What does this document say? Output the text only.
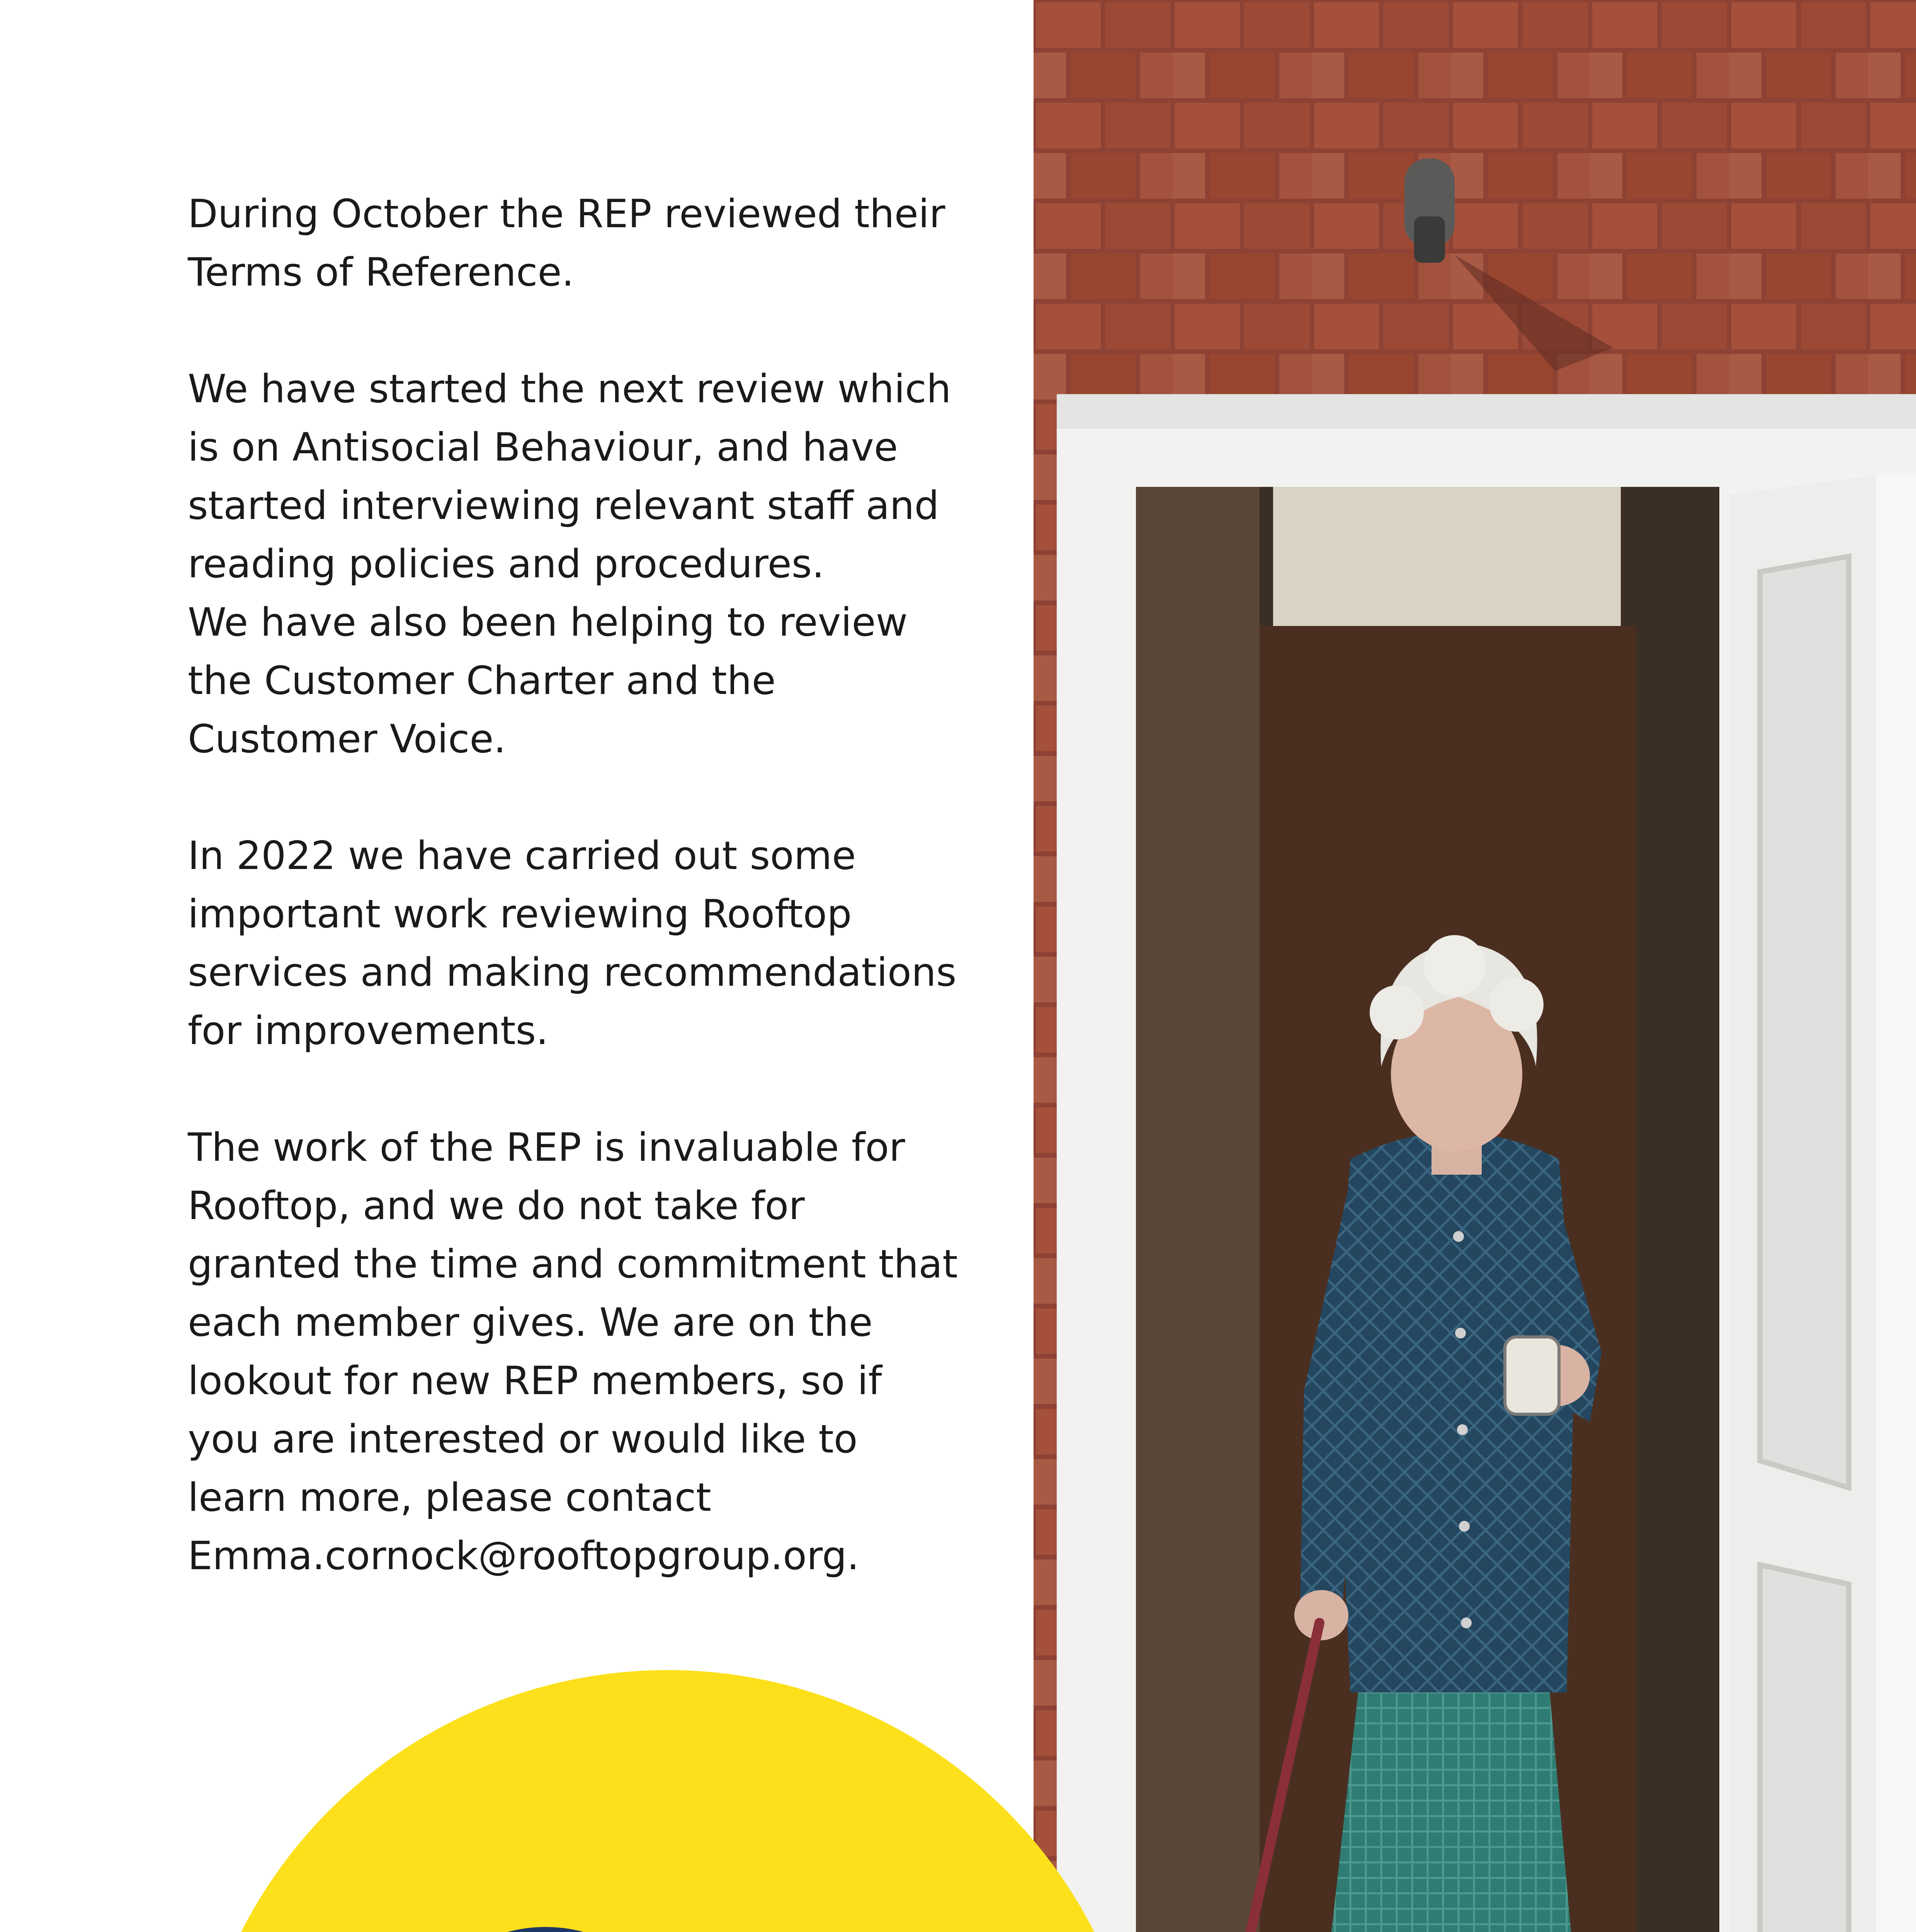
During October the REP reviewed their
Terms of Reference.

We have started the next review which
is on Antisocial Behaviour, and have
started interviewing relevant staff and
reading policies and procedures.
We have also been helping to review
the Customer Charter and the
Customer Voice.

In 2022 we have carried out some
important work reviewing Rooftop
services and making recommendations
for improvements.

The work of the REP is invaluable for
Rooftop, and we do not take for
granted the time and commitment that
each member gives. We are on the
lookout for new REP members, so if
you are interested or would like to
learn more, please contact
Emma.cornock@rooftopgroup.org.
